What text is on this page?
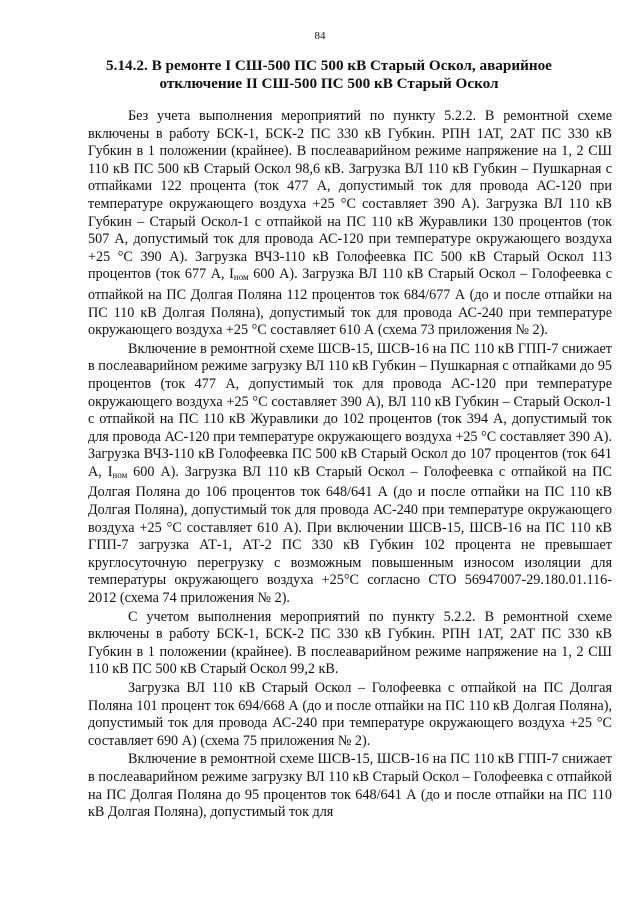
84
5.14.2. В ремонте I СШ-500 ПС 500 кВ Старый Оскол, аварийное
отключение II СШ-500 ПС 500 кВ Старый Оскол

Без учета выполнения мероприятий по пункту 5.2.2. В ремонтной схеме включены в работу БСК-1, БСК-2 ПС 330 кВ Губкин. РПН 1АТ, 2АТ ПС 330 кВ Губкин в 1 положении (крайнее). В послеаварийном режиме напряжение на 1, 2 СШ 110 кВ ПС 500 кВ Старый Оскол 98,6 кВ. Загрузка ВЛ 110 кВ Губкин – Пушкарная с отпайками 122 процента (ток 477 А, допустимый ток для провода АС-120 при температуре окружающего воздуха +25 °С составляет 390 А). Загрузка ВЛ 110 кВ Губкин – Старый Оскол-1 с отпайкой на ПС 110 кВ Журавлики 130 процентов (ток 507 А, допустимый ток для провода АС-120 при температуре окружающего воздуха +25 °С 390 А). Загрузка ВЧЗ-110 кВ Голофеевка ПС 500 кВ Старый Оскол 113 процентов (ток 677 А, $I_{ном}$ 600 А). Загрузка ВЛ 110 кВ Старый Оскол – Голофеевка с отпайкой на ПС Долгая Поляна 112 процентов ток 684/677 А (до и после отпайки на ПС 110 кВ Долгая Поляна), допустимый ток для провода АС-240 при температуре окружающего воздуха +25 °С составляет 610 А (схема 73 приложения № 2).

Включение в ремонтной схеме ШСВ-15, ШСВ-16 на ПС 110 кВ ГПП-7 снижает в послеаварийном режиме загрузку ВЛ 110 кВ Губкин – Пушкарная с отпайками до 95 процентов (ток 477 А, допустимый ток для провода АС-120 при температуре окружающего воздуха +25 °С составляет 390 А), ВЛ 110 кВ Губкин – Старый Оскол-1 с отпайкой на ПС 110 кВ Журавлики до 102 процентов (ток 394 А, допустимый ток для провода АС-120 при температуре окружающего воздуха +25 °С составляет 390 А). Загрузка ВЧЗ-110 кВ Голофеевка ПС 500 кВ Старый Оскол до 107 процентов (ток 641 А, $I_{ном}$ 600 А). Загрузка ВЛ 110 кВ Старый Оскол – Голофеевка с отпайкой на ПС Долгая Поляна до 106 процентов ток 648/641 А (до и после отпайки на ПС 110 кВ Долгая Поляна), допустимый ток для провода АС-240 при температуре окружающего воздуха +25 °С составляет 610 А). При включении ШСВ-15, ШСВ-16 на ПС 110 кВ ГПП-7 загрузка АТ-1, АТ-2 ПС 330 кВ Губкин 102 процента не превышает круглосуточную перегрузку с возможным повышенным износом изоляции для температуры окружающего воздуха +25°С согласно СТО 56947007-29.180.01.116-2012 (схема 74 приложения № 2).

С учетом выполнения мероприятий по пункту 5.2.2. В ремонтной схеме включены в работу БСК-1, БСК-2 ПС 330 кВ Губкин. РПН 1АТ, 2АТ ПС 330 кВ Губкин в 1 положении (крайнее). В послеаварийном режиме напряжение на 1, 2 СШ 110 кВ ПС 500 кВ Старый Оскол 99,2 кВ.

Загрузка ВЛ 110 кВ Старый Оскол – Голофеевка с отпайкой на ПС Долгая Поляна 101 процент ток 694/668 А (до и после отпайки на ПС 110 кВ Долгая Поляна), допустимый ток для провода АС-240 при температуре окружающего воздуха +25 °С составляет 690 А) (схема 75 приложения № 2).

Включение в ремонтной схеме ШСВ-15, ШСВ-16 на ПС 110 кВ ГПП-7 снижает в послеаварийном режиме загрузку ВЛ 110 кВ Старый Оскол – Голофеевка с отпайкой на ПС Долгая Поляна до 95 процентов ток 648/641 А (до и после отпайки на ПС 110 кВ Долгая Поляна), допустимый ток для
